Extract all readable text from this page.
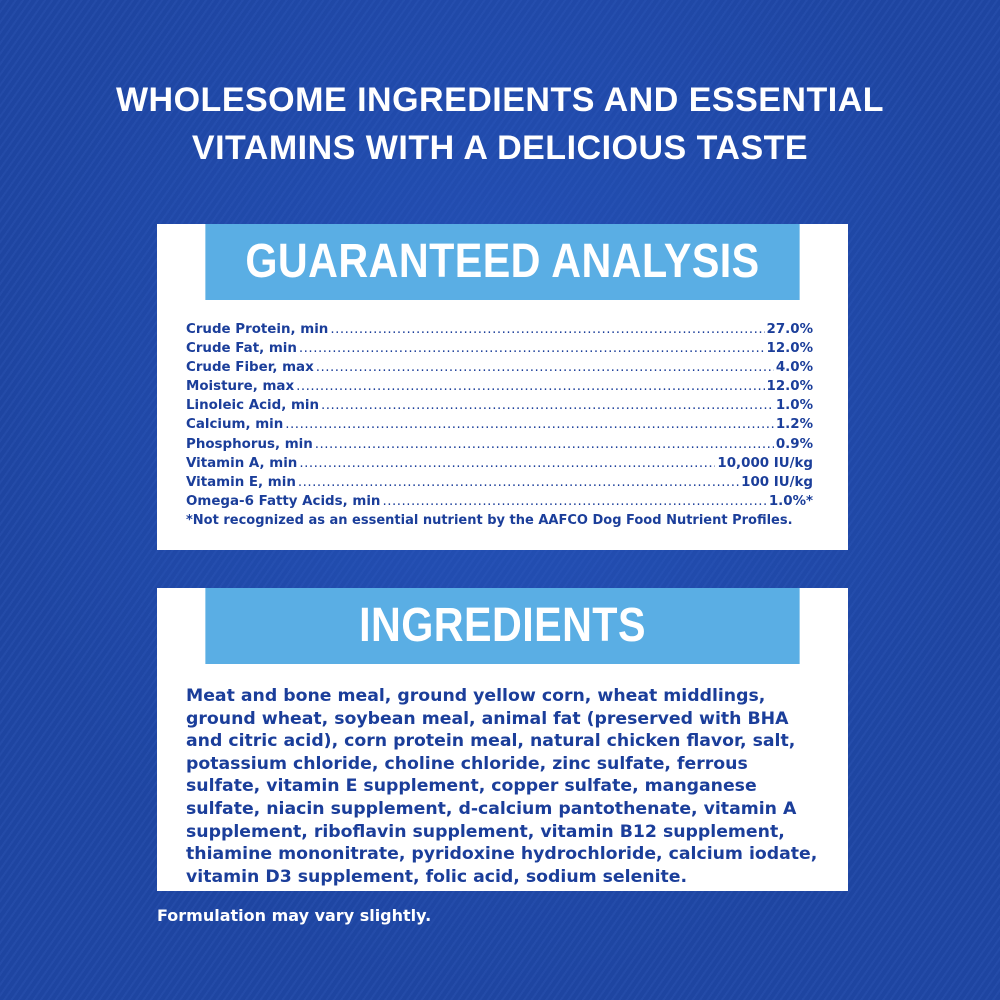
WHOLESOME INGREDIENTS AND ESSENTIAL
VITAMINS WITH A DELICIOUS TASTE
GUARANTEED ANALYSIS
Crude Protein, min .....	27.0%
Crude Fat, min .....	12.0%
Crude Fiber, max .....	4.0%
Moisture, max .....	12.0%
Linoleic Acid, min .....	1.0%
Calcium, min .....	1.2%
Phosphorus, min .....	0.9%
Vitamin A, min .....	10,000 IU/kg
Vitamin E, min .....	100 IU/kg
Omega-6 Fatty Acids, min .....	1.0%*
*Not recognized as an essential nutrient by the AAFCO Dog Food Nutrient Profiles.
INGREDIENTS
Meat and bone meal, ground yellow corn, wheat middlings, ground wheat, soybean meal, animal fat (preserved with BHA and citric acid), corn protein meal, natural chicken flavor, salt, potassium chloride, choline chloride, zinc sulfate, ferrous sulfate, vitamin E supplement, copper sulfate, manganese sulfate, niacin supplement, d-calcium pantothenate, vitamin A supplement, riboflavin supplement, vitamin B12 supplement, thiamine mononitrate, pyridoxine hydrochloride, calcium iodate, vitamin D3 supplement, folic acid, sodium selenite.
Formulation may vary slightly.
